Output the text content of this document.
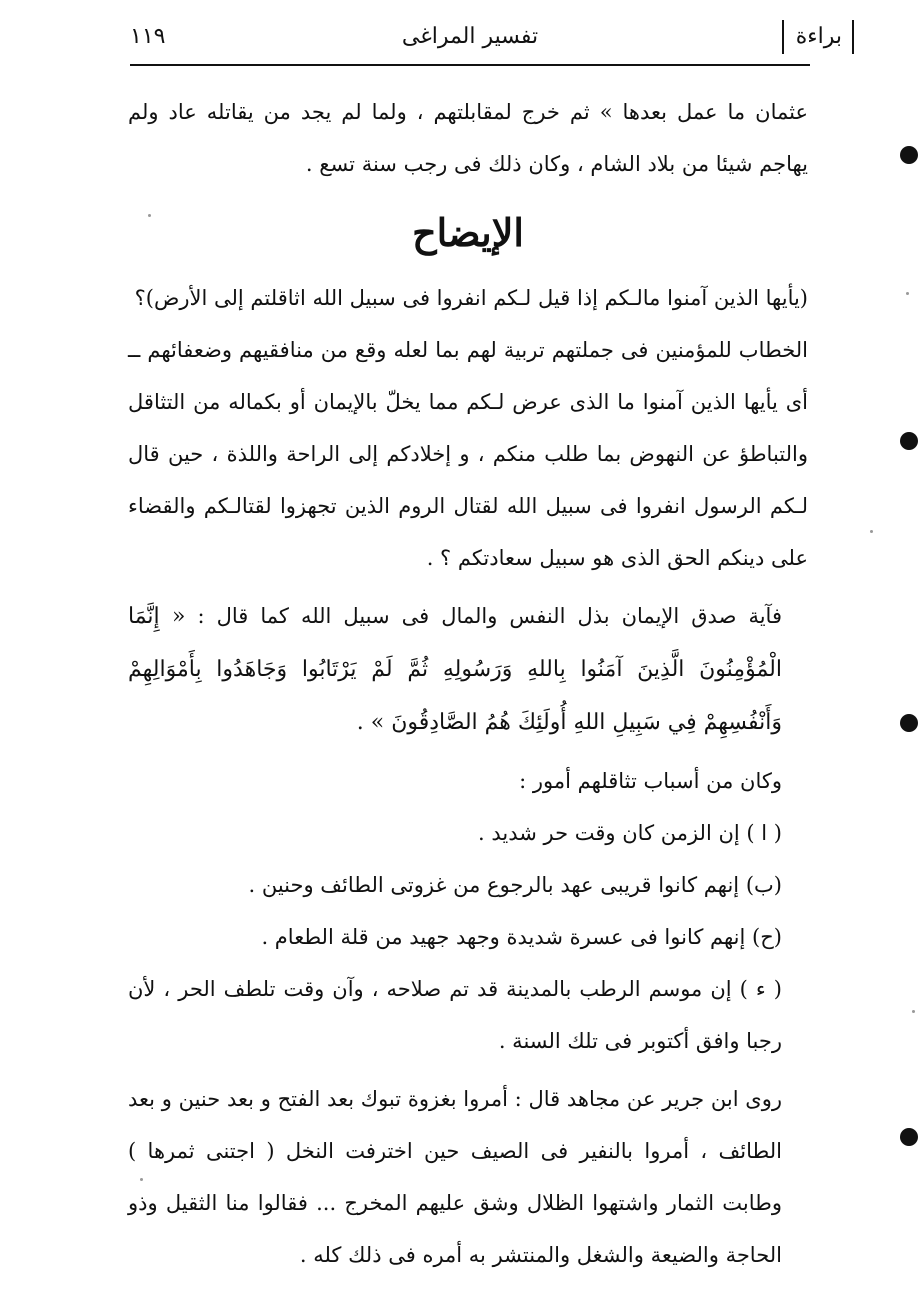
براءة
تفسير المراغى
١١٩

عثمان ما عمل بعدها » ثم خرج لمقابلتهم ، ولما لم يجد من يقاتله عاد ولم يهاجم شيئا من بلاد الشام ، وكان ذلك فى رجب سنة تسع .

الإيضاح

(يأيها الذين آمنوا مالـكم إذا قيل لـكم انفروا فى سبيل الله اثاقلتم إلى الأرض)؟

الخطاب للمؤمنين فى جملتهم تربية لهم بما لعله وقع من منافقيهم وضعفائهم ــ أى يأيها الذين آمنوا ما الذى عرض لـكم مما يخلّ بالإيمان أو بكماله من التثاقل والتباطؤ عن النهوض بما طلب منكم ، و إخلادكم إلى الراحة واللذة ، حين قال لـكم الرسول انفروا فى سبيل الله لقتال الروم الذين تجهزوا لقتالـكم والقضاء على دينكم الحق الذى هو سبيل سعادتكم ؟ .

فآية صدق الإيمان بذل النفس والمال فى سبيل الله كما قال : « إِنَّمَا الْمُؤْمِنُونَ الَّذِينَ آمَنُوا بِاللهِ وَرَسُولِهِ ثُمَّ لَمْ يَرْتَابُوا وَجَاهَدُوا بِأَمْوَالِهِمْ وَأَنْفُسِهِمْ فِي سَبِيلِ اللهِ أُولَئِكَ هُمُ الصَّادِقُونَ » .

وكان من أسباب تثاقلهم أمور :

( ا ) إن الزمن كان وقت حر شديد .

(ب) إنهم كانوا قريبى عهد بالرجوع من غزوتى الطائف وحنين .

(ح) إنهم كانوا فى عسرة شديدة وجهد جهيد من قلة الطعام .

( ء ) إن موسم الرطب بالمدينة قد تم صلاحه ، وآن وقت تلطف الحر ، لأن رجبا وافق أكتوبر فى تلك السنة .

روى ابن جرير عن مجاهد قال : أمروا بغزوة تبوك بعد الفتح و بعد حنين و بعد الطائف ، أمروا بالنفير فى الصيف حين اخترفت النخل ( اجتنى ثمرها ) وطابت الثمار واشتهوا الظلال وشق عليهم المخرج ... فقالوا منا الثقيل وذو الحاجة والضيعة والشغل والمنتشر به أمره فى ذلك كله .
